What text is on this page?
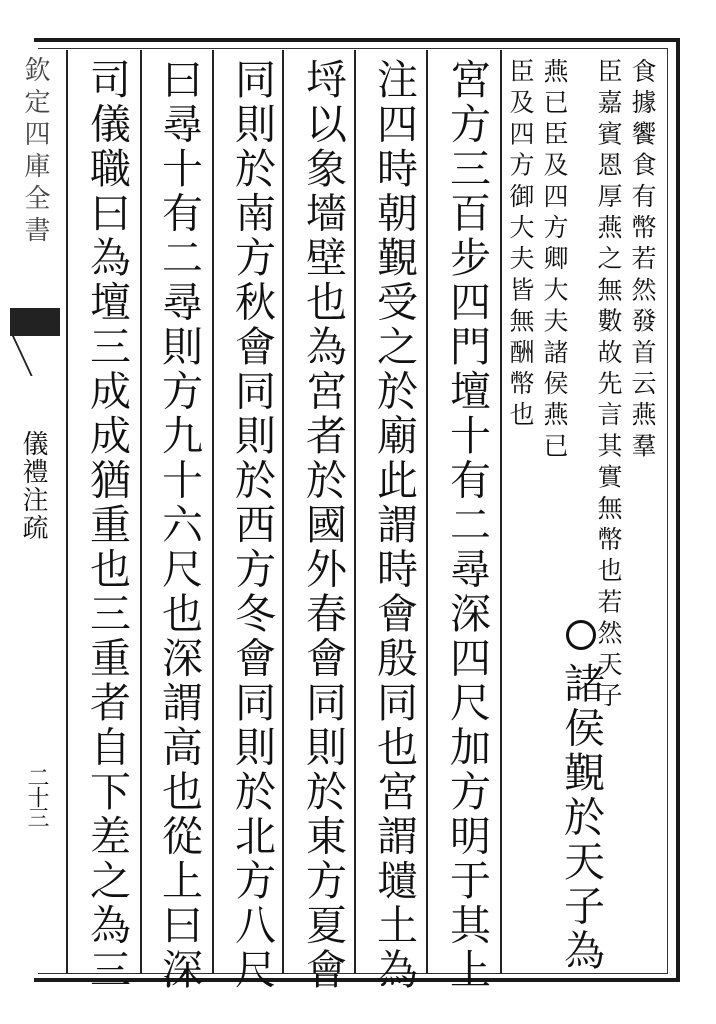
欽定四庫全書
儀禮注疏
二十三
食據饗食有幣若然發首云燕羣
臣嘉賓恩厚燕之無數故先言其實無幣也若然天子
燕已臣及四方卿大夫諸侯燕已
臣及四方御大夫皆無酬幣也
諸侯覲於天子為
宮方三百步四門壇十有二尋深四尺加方明于其上
注四時朝覲受之於廟此謂時會殷同也宮謂壝土為
埒以象墻壁也為宮者於國外春會同則於東方夏會
同則於南方秋會同則於西方冬會同則於北方八尺
曰尋十有二尋則方九十六尺也深謂高也從上曰深
司儀職曰為壇三成成猶重也三重者自下差之為三
